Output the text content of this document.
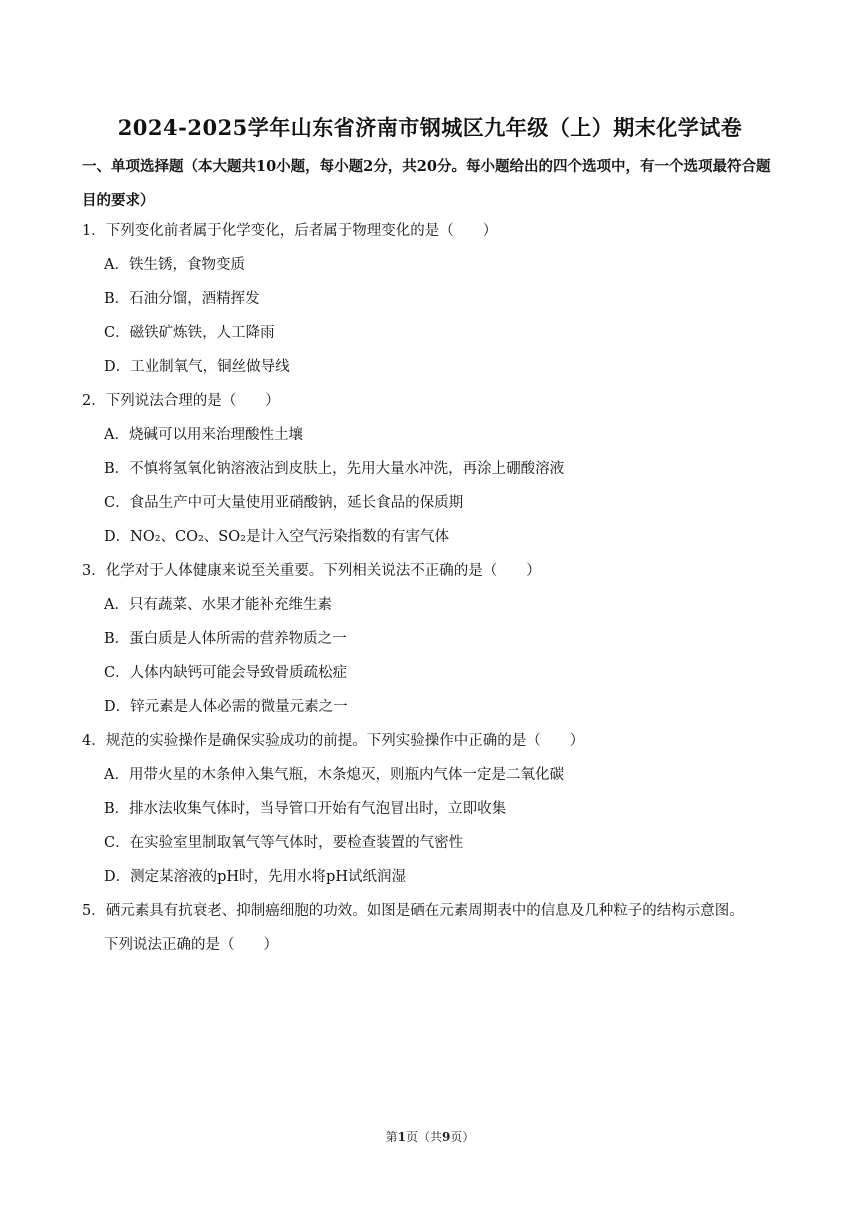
2024-2025学年山东省济南市钢城区九年级（上）期末化学试卷
一、单项选择题（本大题共10小题，每小题2分，共20分。每小题给出的四个选项中，有一个选项最符合题目的要求）
1．下列变化前者属于化学变化，后者属于物理变化的是（　　）
A．铁生锈，食物变质
B．石油分馏，酒精挥发
C．磁铁矿炼铁，人工降雨
D．工业制氧气，铜丝做导线
2．下列说法合理的是（　　）
A．烧碱可以用来治理酸性土壤
B．不慎将氢氧化钠溶液沾到皮肤上，先用大量水冲洗，再涂上硼酸溶液
C．食品生产中可大量使用亚硝酸钠，延长食品的保质期
D．NO₂、CO₂、SO₂是计入空气污染指数的有害气体
3．化学对于人体健康来说至关重要。下列相关说法不正确的是（　　）
A．只有蔬菜、水果才能补充维生素
B．蛋白质是人体所需的营养物质之一
C．人体内缺钙可能会导致骨质疏松症
D．锌元素是人体必需的微量元素之一
4．规范的实验操作是确保实验成功的前提。下列实验操作中正确的是（　　）
A．用带火星的木条伸入集气瓶，木条熄灭，则瓶内气体一定是二氧化碳
B．排水法收集气体时，当导管口开始有气泡冒出时，立即收集
C．在实验室里制取氧气等气体时，要检查装置的气密性
D．测定某溶液的pH时，先用水将pH试纸润湿
5．硒元素具有抗衰老、抑制癌细胞的功效。如图是硒在元素周期表中的信息及几种粒子的结构示意图。
下列说法正确的是（　　）
第1页（共9页）
